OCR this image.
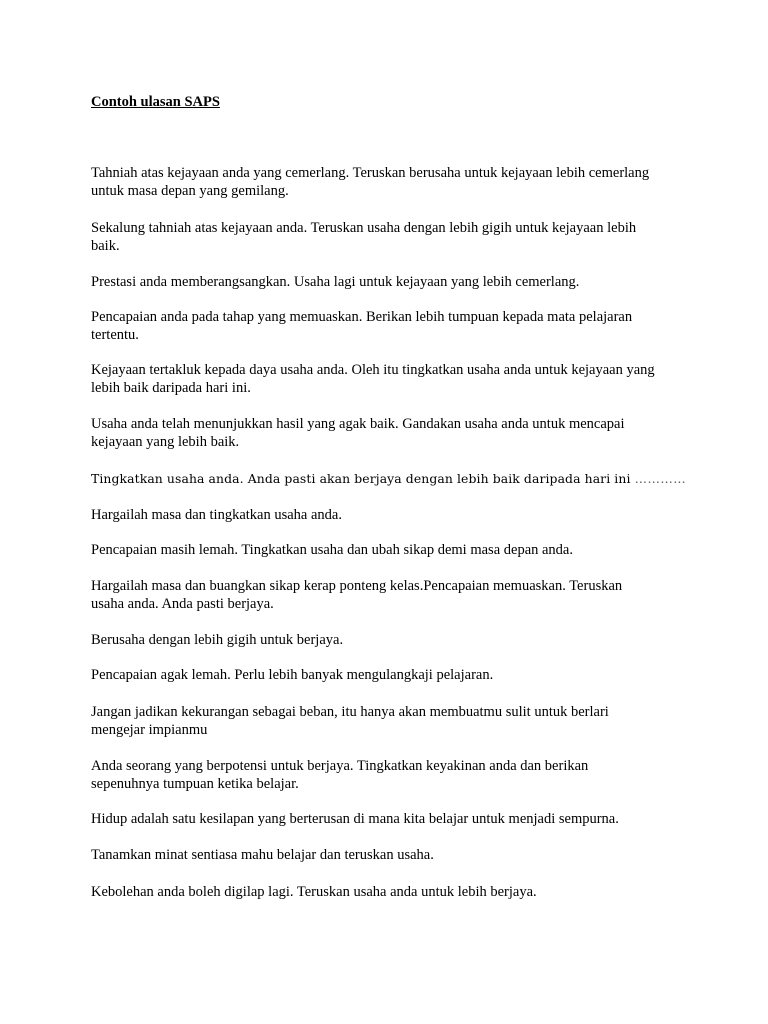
Contoh ulasan SAPS

Tahniah atas kejayaan anda yang cemerlang. Teruskan berusaha untuk kejayaan lebih cemerlang
untuk masa depan yang gemilang.

Sekalung tahniah atas kejayaan anda. Teruskan usaha dengan lebih gigih untuk kejayaan lebih
baik.

Prestasi anda memberangsangkan. Usaha lagi untuk kejayaan yang lebih cemerlang.

Pencapaian anda pada tahap yang memuaskan. Berikan lebih tumpuan kepada mata pelajaran
tertentu.

Kejayaan tertakluk kepada daya usaha anda. Oleh itu tingkatkan usaha anda untuk kejayaan yang
lebih baik daripada hari ini.

Usaha anda telah menunjukkan hasil yang agak baik. Gandakan usaha anda untuk mencapai
kejayaan yang lebih baik.

Tingkatkan usaha anda. Anda pasti akan berjaya dengan lebih baik daripada hari ini …………

Hargailah masa dan tingkatkan usaha anda.

Pencapaian masih lemah. Tingkatkan usaha dan ubah sikap demi masa depan anda.

Hargailah masa dan buangkan sikap kerap ponteng kelas.Pencapaian memuaskan. Teruskan
usaha anda. Anda pasti berjaya.

Berusaha dengan lebih gigih untuk berjaya.

Pencapaian agak lemah. Perlu lebih banyak mengulangkaji pelajaran.

Jangan jadikan kekurangan sebagai beban, itu hanya akan membuatmu sulit untuk berlari
mengejar impianmu

Anda seorang yang berpotensi untuk berjaya. Tingkatkan keyakinan anda dan berikan
sepenuhnya tumpuan ketika belajar.

Hidup adalah satu kesilapan yang berterusan di mana kita belajar untuk menjadi sempurna.

Tanamkan minat sentiasa mahu belajar dan teruskan usaha.

Kebolehan anda boleh digilap lagi. Teruskan usaha anda untuk lebih berjaya.
